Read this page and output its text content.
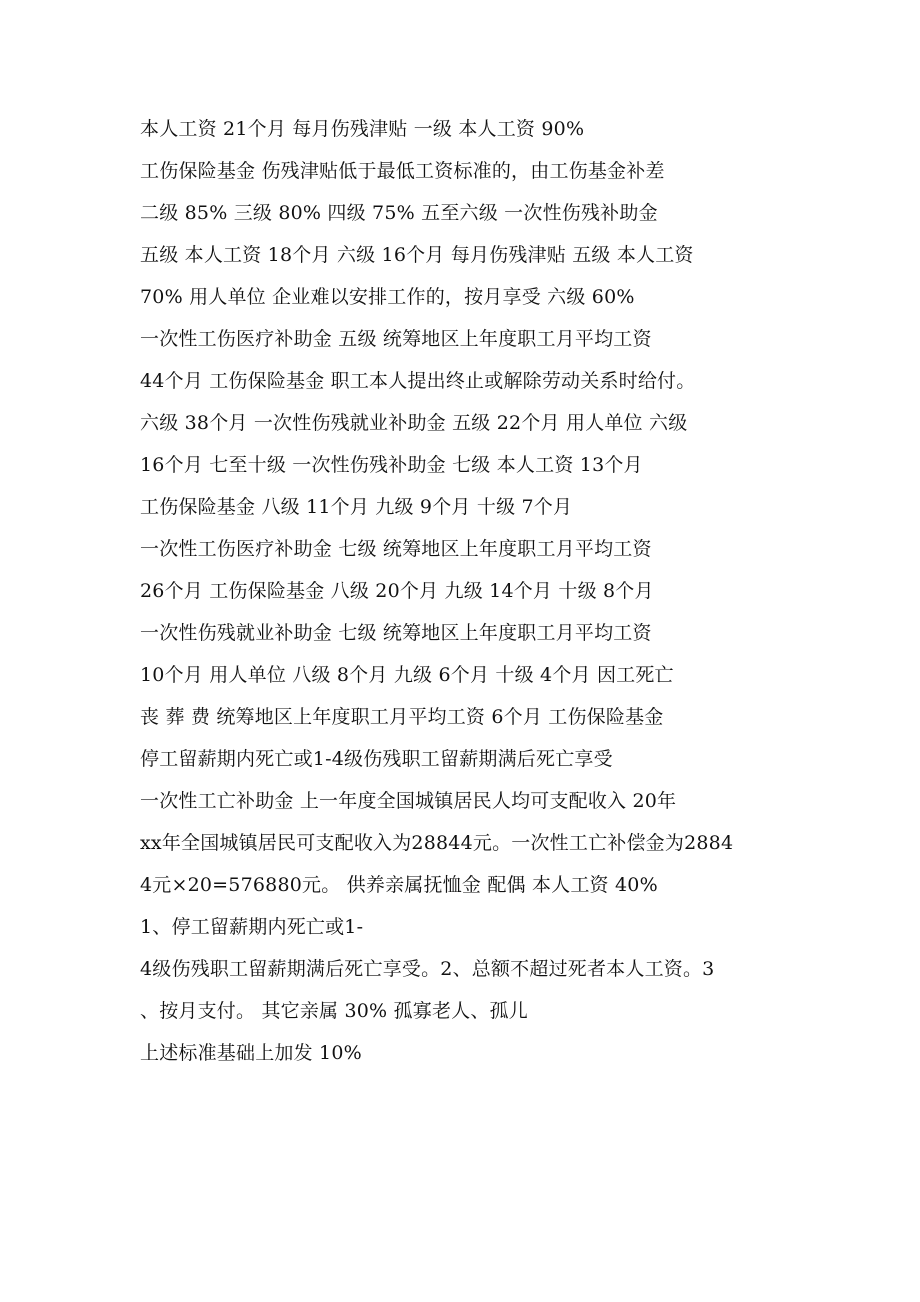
本人工资 21个月 每月伤残津贴 一级 本人工资 90%
工伤保险基金 伤残津贴低于最低工资标准的，由工伤基金补差
二级 85% 三级 80% 四级 75% 五至六级 一次性伤残补助金
五级 本人工资 18个月 六级 16个月 每月伤残津贴 五级 本人工资
70% 用人单位 企业难以安排工作的，按月享受 六级 60%
一次性工伤医疗补助金 五级 统筹地区上年度职工月平均工资
44个月 工伤保险基金 职工本人提出终止或解除劳动关系时给付。
六级 38个月 一次性伤残就业补助金 五级 22个月 用人单位 六级
16个月 七至十级 一次性伤残补助金 七级 本人工资 13个月
工伤保险基金 八级 11个月 九级 9个月 十级 7个月
一次性工伤医疗补助金 七级 统筹地区上年度职工月平均工资
26个月 工伤保险基金 八级 20个月 九级 14个月 十级 8个月
一次性伤残就业补助金 七级 统筹地区上年度职工月平均工资
10个月 用人单位 八级 8个月 九级 6个月 十级 4个月 因工死亡
丧 葬 费 统筹地区上年度职工月平均工资 6个月 工伤保险基金
停工留薪期内死亡或1-4级伤残职工留薪期满后死亡享受
一次性工亡补助金 上一年度全国城镇居民人均可支配收入 20年
xx年全国城镇居民可支配收入为28844元。一次性工亡补偿金为2884
4元×20=576880元。 供养亲属抚恤金 配偶 本人工资 40%
1、停工留薪期内死亡或1-
4级伤残职工留薪期满后死亡享受。2、总额不超过死者本人工资。3
、按月支付。 其它亲属 30% 孤寡老人、孤儿
上述标准基础上加发 10%
